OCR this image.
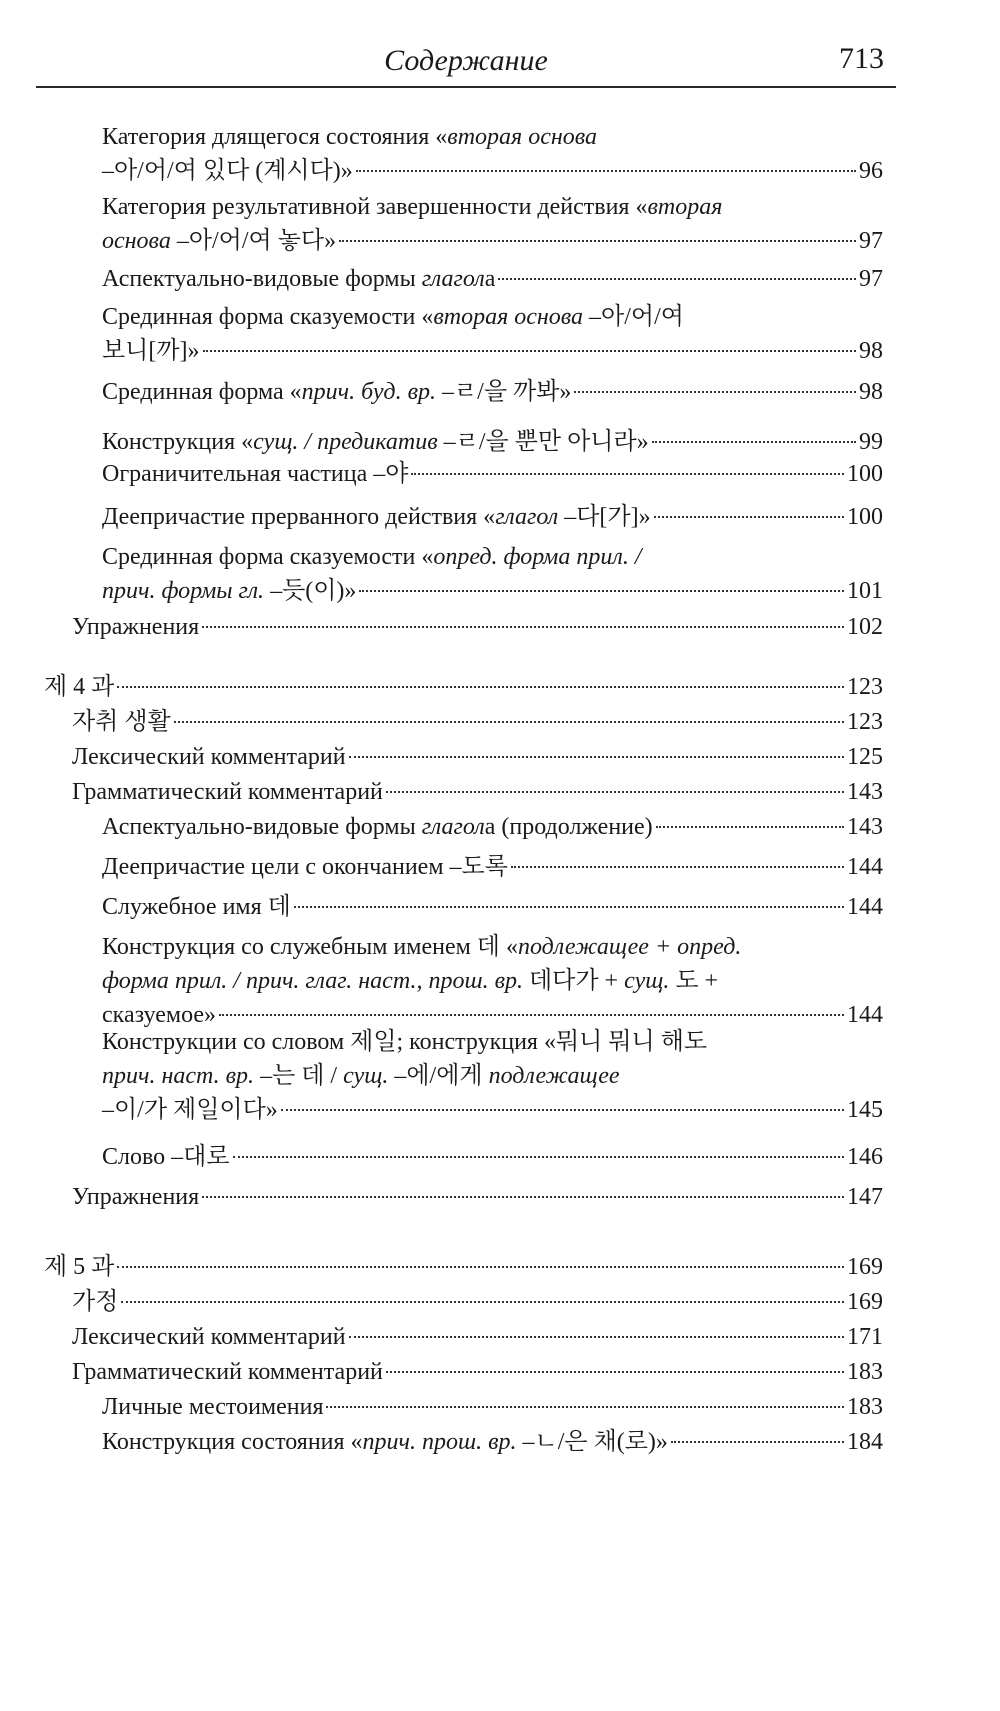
Содержание	713
Категория длящегося состояния «вторая основа
–아/어/여 있다 (계시다)»	96
Категория результативной завершенности действия «вторая
основа –아/어/여 놓다»	97
Аспектуально-видовые формы глагола	97
Срединная форма сказуемости «вторая основа –아/어/여
보니[까]»	98
Срединная форма «прич. буд. вр. –ㄹ/을 까봐»	98
Конструкция «сущ. / предикатив –ㄹ/을 뿐만 아니라»	99
Ограничительная частица –야	100
Деепричастие прерванного действия «глагол –다[가]»	100
Срединная форма сказуемости «опред. форма прил. /
прич. формы гл. –듯(이)»	101
Упражнения	102
제 4 과	123
자취 생활	123
Лексический комментарий	125
Грамматический комментарий	143
Аспектуально-видовые формы глагола (продолжение)	143
Деепричастие цели с окончанием –도록	144
Служебное имя 데	144
Конструкция со служебным именем 데 «подлежащее + опред.
форма прил. / прич. глаг. наст., прош. вр. 데다가 + сущ. 도 +
сказуемое»	144
Конструкции со словом 제일; конструкция «뭐니 뭐니 해도
прич. наст. вр. –는 데 / сущ. –에/에게 подлежащее
–이/가 제일이다»	145
Слово –대로	146
Упражнения	147
제 5 과	169
가정	169
Лексический комментарий	171
Грамматический комментарий	183
Личные местоимения	183
Конструкция состояния «прич. прош. вр. –ㄴ/은 채(로)»	184
